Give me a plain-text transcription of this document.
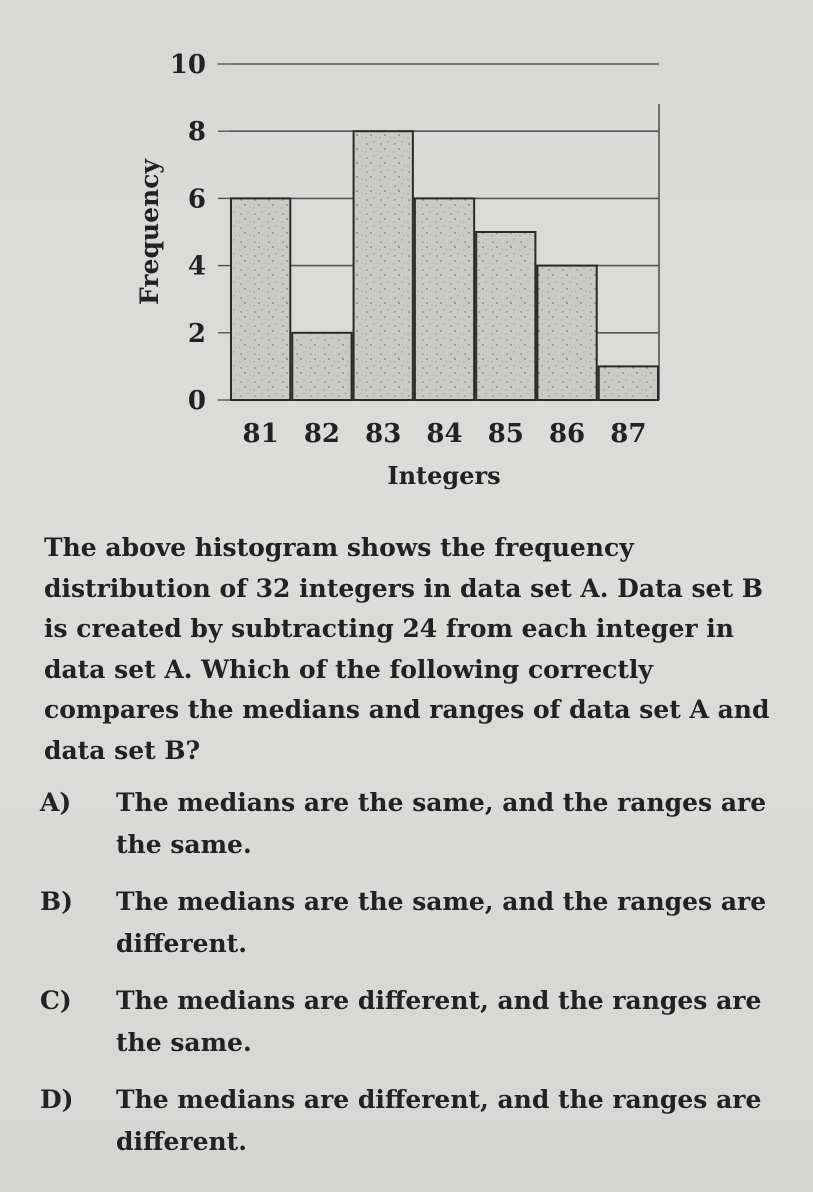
0
2
4
6
8
10
81 82 83 84 85 86 87
Frequency
Integers

The above histogram shows the frequency distribution of 32 integers in data set A. Data set B is created by subtracting 24 from each integer in data set A. Which of the following correctly compares the medians and ranges of data set A and data set B?

A)	The medians are the same, and the ranges are the same.
B)	The medians are the same, and the ranges are different.
C)	The medians are different, and the ranges are the same.
D)	The medians are different, and the ranges are different.
